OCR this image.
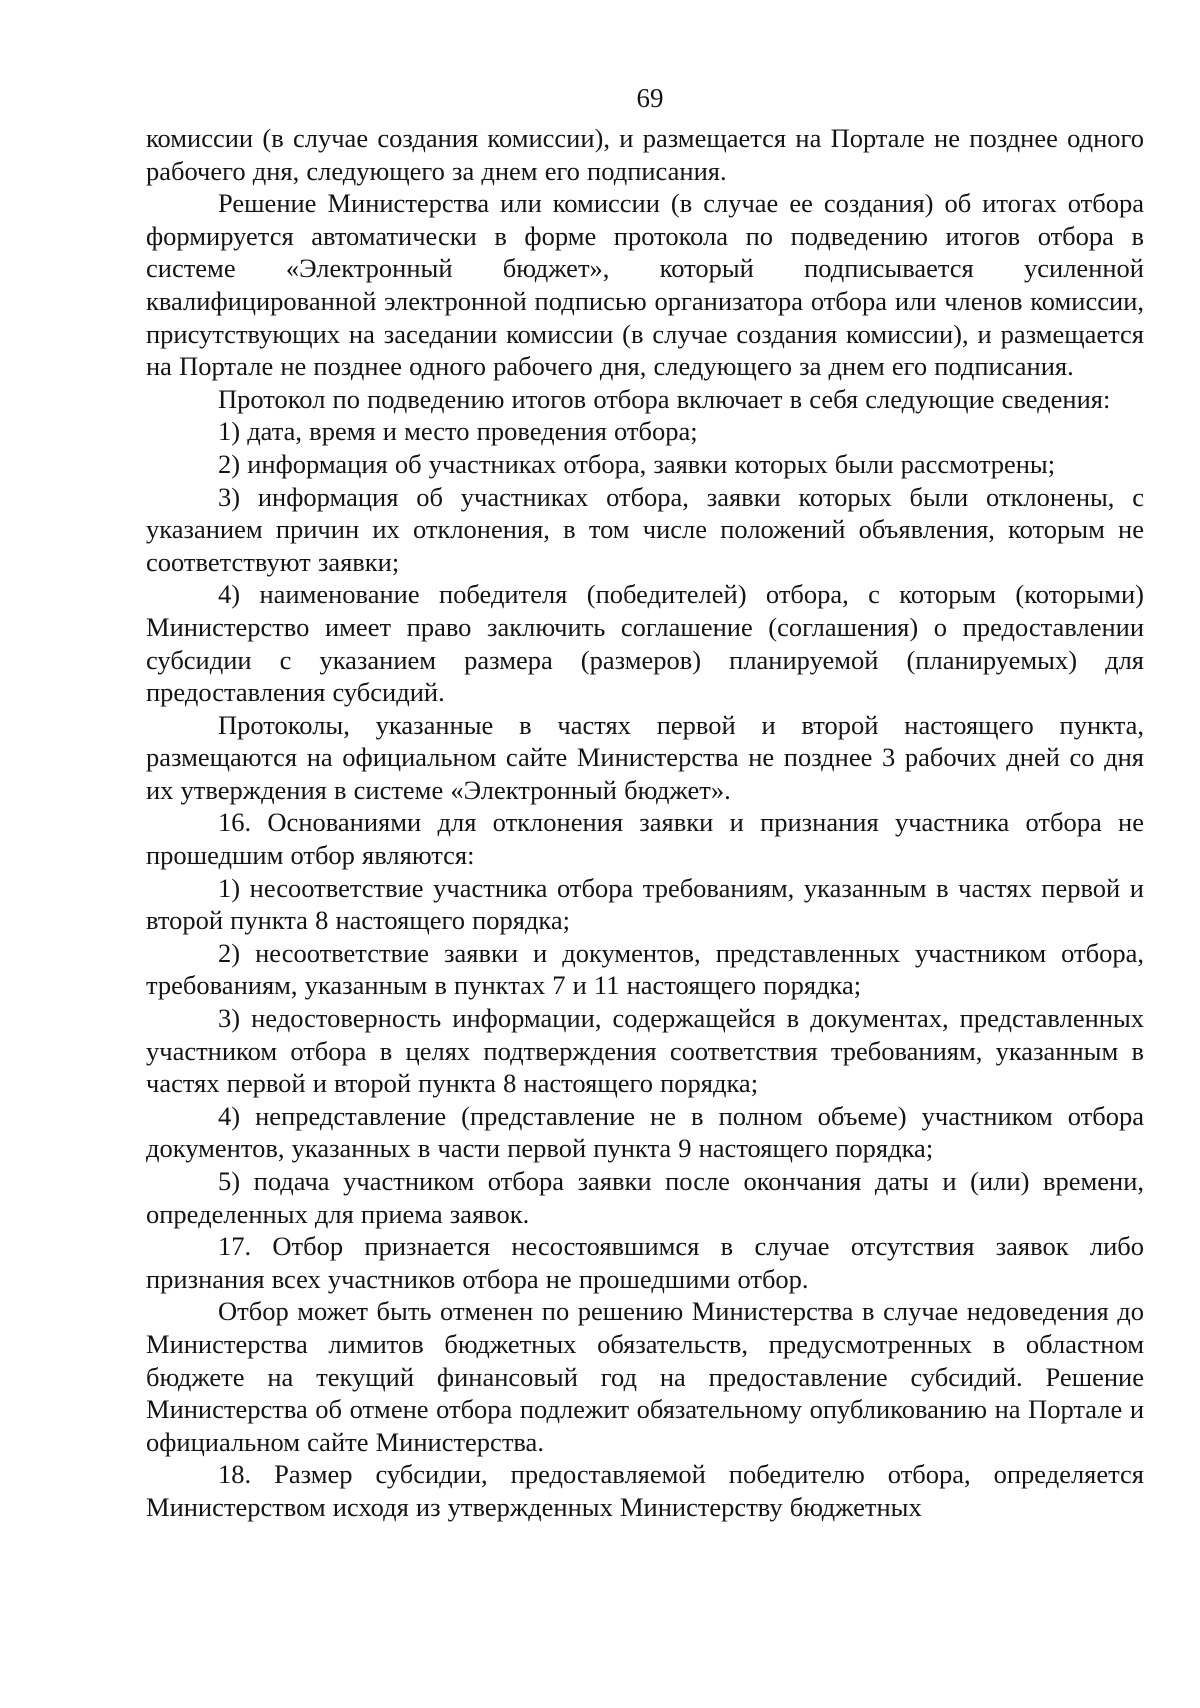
69

комиссии (в случае создания комиссии), и размещается на Портале не позднее одного рабочего дня, следующего за днем его подписания.

Решение Министерства или комиссии (в случае ее создания) об итогах отбора формируется автоматически в форме протокола по подведению итогов отбора в системе «Электронный бюджет», который подписывается усиленной квалифицированной электронной подписью организатора отбора или членов комиссии, присутствующих на заседании комиссии (в случае создания комиссии), и размещается на Портале не позднее одного рабочего дня, следующего за днем его подписания.

Протокол по подведению итогов отбора включает в себя следующие сведения:

1) дата, время и место проведения отбора;

2) информация об участниках отбора, заявки которых были рассмотрены;

3) информация об участниках отбора, заявки которых были отклонены, с указанием причин их отклонения, в том числе положений объявления, которым не соответствуют заявки;

4) наименование победителя (победителей) отбора, с которым (которыми) Министерство имеет право заключить соглашение (соглашения) о предоставлении субсидии с указанием размера (размеров) планируемой (планируемых) для предоставления субсидий.

Протоколы, указанные в частях первой и второй настоящего пункта, размещаются на официальном сайте Министерства не позднее 3 рабочих дней со дня их утверждения в системе «Электронный бюджет».

16. Основаниями для отклонения заявки и признания участника отбора не прошедшим отбор являются:

1) несоответствие участника отбора требованиям, указанным в частях первой и второй пункта 8 настоящего порядка;

2) несоответствие заявки и документов, представленных участником отбора, требованиям, указанным в пунктах 7 и 11 настоящего порядка;

3) недостоверность информации, содержащейся в документах, представленных участником отбора в целях подтверждения соответствия требованиям, указанным в частях первой и второй пункта 8 настоящего порядка;

4) непредставление (представление не в полном объеме) участником отбора документов, указанных в части первой пункта 9 настоящего порядка;

5) подача участником отбора заявки после окончания даты и (или) времени, определенных для приема заявок.

17. Отбор признается несостоявшимся в случае отсутствия заявок либо признания всех участников отбора не прошедшими отбор.

Отбор может быть отменен по решению Министерства в случае недоведения до Министерства лимитов бюджетных обязательств, предусмотренных в областном бюджете на текущий финансовый год на предоставление субсидий. Решение Министерства об отмене отбора подлежит обязательному опубликованию на Портале и официальном сайте Министерства.

18. Размер субсидии, предоставляемой победителю отбора, определяется Министерством исходя из утвержденных Министерству бюджетных
